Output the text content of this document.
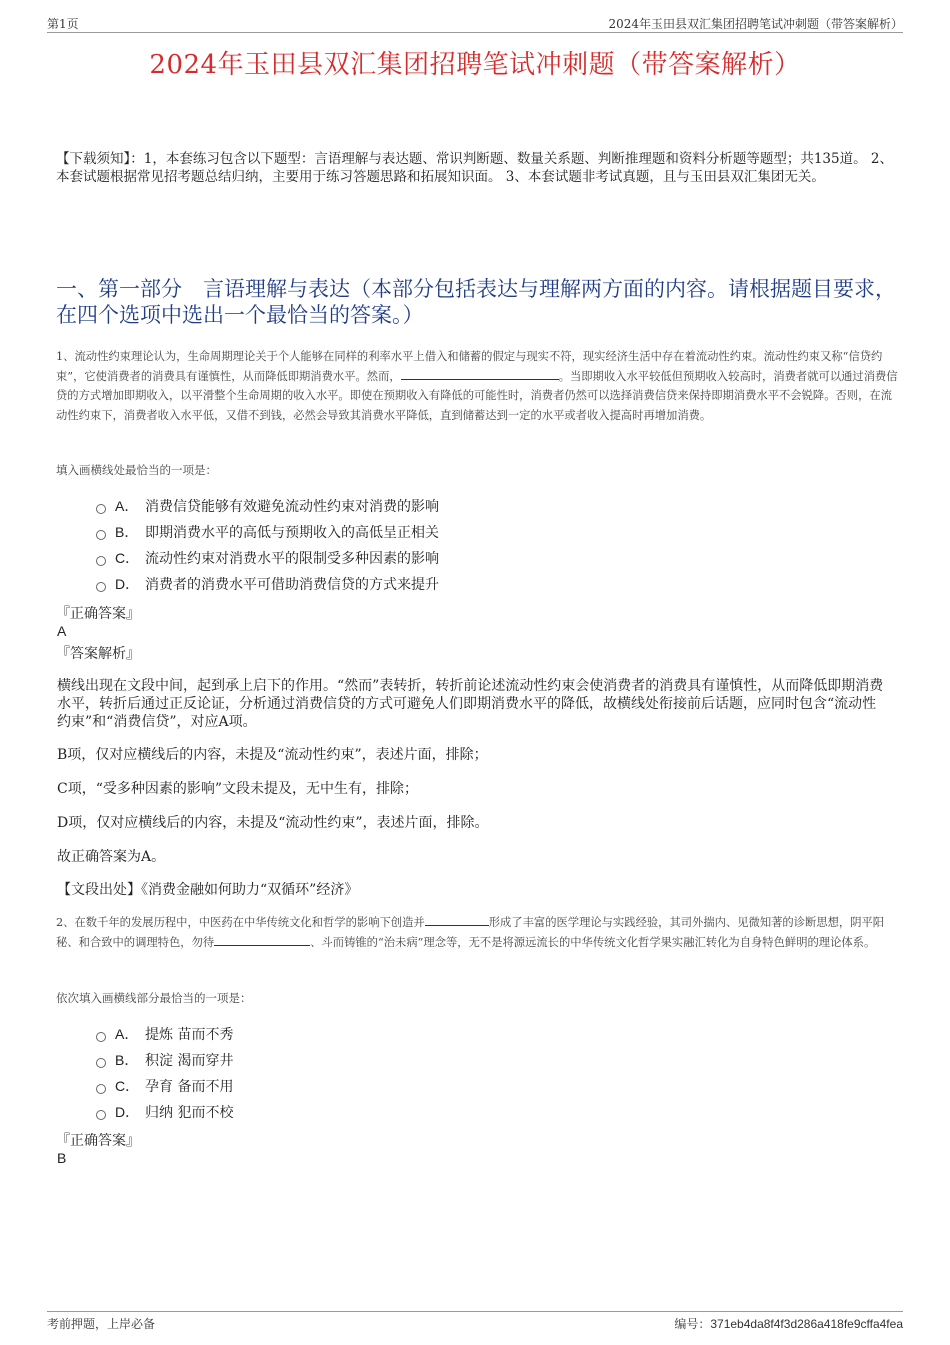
第1页	2024年玉田县双汇集团招聘笔试冲刺题（带答案解析）
2024年玉田县双汇集团招聘笔试冲刺题（带答案解析）
【下载须知】：1，本套练习包含以下题型：言语理解与表达题、常识判断题、数量关系题、判断推理题和资料分析题等题型；共135道。 2、本套试题根据常见招考题总结归纳，主要用于练习答题思路和拓展知识面。 3、本套试题非考试真题，且与玉田县双汇集团无关。
一、第一部分　言语理解与表达（本部分包括表达与理解两方面的内容。请根据题目要求，在四个选项中选出一个最恰当的答案。）
1、流动性约束理论认为，生命周期理论关于个人能够在同样的利率水平上借入和储蓄的假定与现实不符，现实经济生活中存在着流动性约束。流动性约束又称“信贷约束”，它使消费者的消费具有谨慎性，从而降低即期消费水平。然而，	。当即期收入水平较低但预期收入较高时，消费者就可以通过消费信贷的方式增加即期收入，以平滑整个生命周期的收入水平。即使在预期收入有降低的可能性时，消费者仍然可以选择消费信贷来保持即期消费水平不会锐降。否则，在流动性约束下，消费者收入水平低，又借不到钱，必然会导致其消费水平降低，直到储蓄达到一定的水平或者收入提高时再增加消费。
填入画横线处最恰当的一项是：
A． 消费信贷能够有效避免流动性约束对消费的影响
B． 即期消费水平的高低与预期收入的高低呈正相关
C． 流动性约束对消费水平的限制受多种因素的影响
D． 消费者的消费水平可借助消费信贷的方式来提升
『正确答案』
A
『答案解析』
横线出现在文段中间，起到承上启下的作用。“然而”表转折，转折前论述流动性约束会使消费者的消费具有谨慎性，从而降低即期消费水平，转折后通过正反论证，分析通过消费信贷的方式可避免人们即期消费水平的降低，故横线处衔接前后话题，应同时包含“流动性约束”和“消费信贷”，对应A项。
B项，仅对应横线后的内容，未提及“流动性约束”，表述片面，排除；
C项，“受多种因素的影响”文段未提及，无中生有，排除；
D项，仅对应横线后的内容，未提及“流动性约束”，表述片面，排除。
故正确答案为A。
【文段出处】《消费金融如何助力“双循环”经济》
2、在数千年的发展历程中，中医药在中华传统文化和哲学的影响下创造并	形成了丰富的医学理论与实践经验，其司外揣内、见微知著的诊断思想，阴平阳秘、和合致中的调理特色，勿待	、斗而铸锥的“治未病”理念等，无不是将源远流长的中华传统文化哲学果实融汇转化为自身特色鲜明的理论体系。
依次填入画横线部分最恰当的一项是：
A． 提炼 苗而不秀
B． 积淀 渴而穿井
C． 孕育 备而不用
D． 归纳 犯而不校
『正确答案』
B
考前押题，上岸必备	编号：371eb4da8f4f3d286a418fe9cffa4fea
